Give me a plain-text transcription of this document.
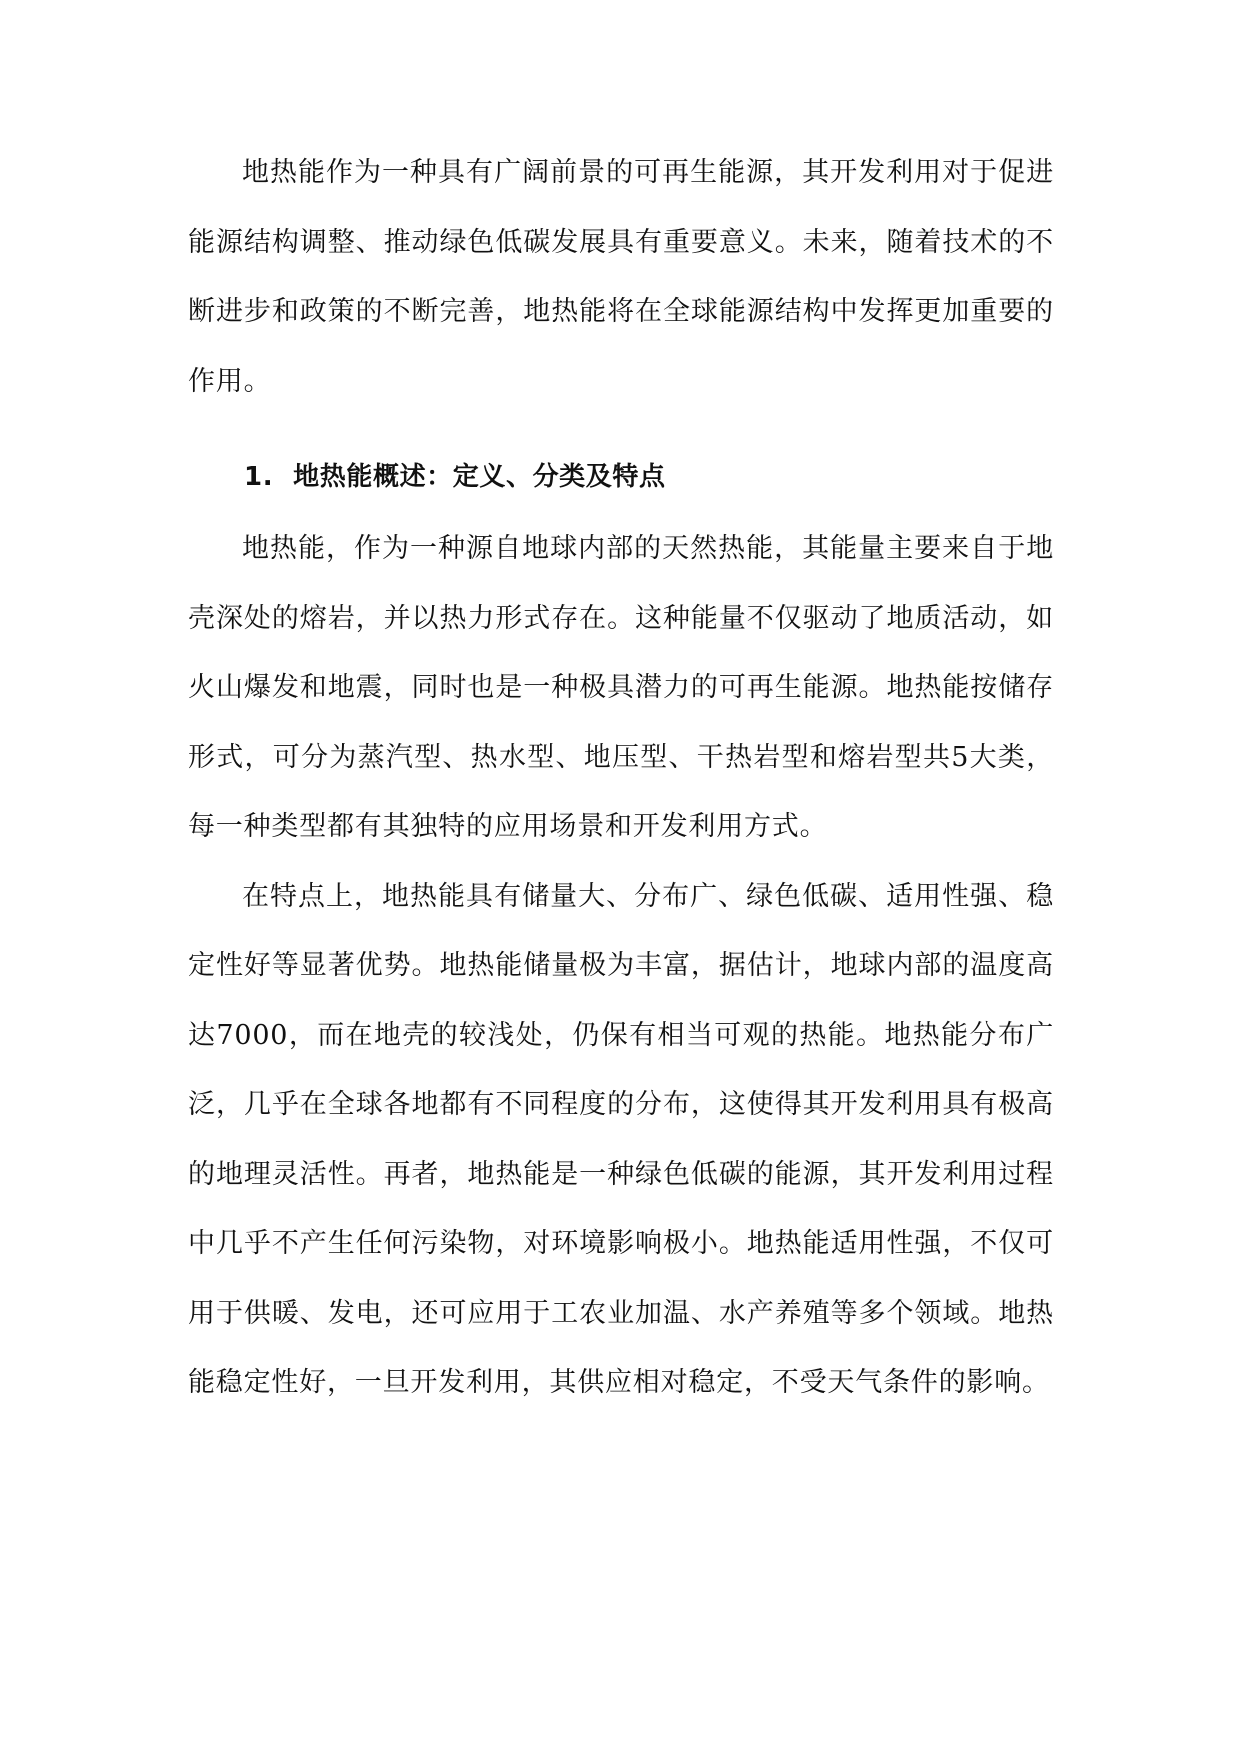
地热能作为一种具有广阔前景的可再生能源，其开发利用对于促进能源结构调整、推动绿色低碳发展具有重要意义。未来，随着技术的不断进步和政策的不断完善，地热能将在全球能源结构中发挥更加重要的作用。

1. 地热能概述：定义、分类及特点

地热能，作为一种源自地球内部的天然热能，其能量主要来自于地壳深处的熔岩，并以热力形式存在。这种能量不仅驱动了地质活动，如火山爆发和地震，同时也是一种极具潜力的可再生能源。地热能按储存形式，可分为蒸汽型、热水型、地压型、干热岩型和熔岩型共5大类，每一种类型都有其独特的应用场景和开发利用方式。

在特点上，地热能具有储量大、分布广、绿色低碳、适用性强、稳定性好等显著优势。地热能储量极为丰富，据估计，地球内部的温度高达7000，而在地壳的较浅处，仍保有相当可观的热能。地热能分布广泛，几乎在全球各地都有不同程度的分布，这使得其开发利用具有极高的地理灵活性。再者，地热能是一种绿色低碳的能源，其开发利用过程中几乎不产生任何污染物，对环境影响极小。地热能适用性强，不仅可用于供暖、发电，还可应用于工农业加温、水产养殖等多个领域。地热能稳定性好，一旦开发利用，其供应相对稳定，不受天气条件的影响。
